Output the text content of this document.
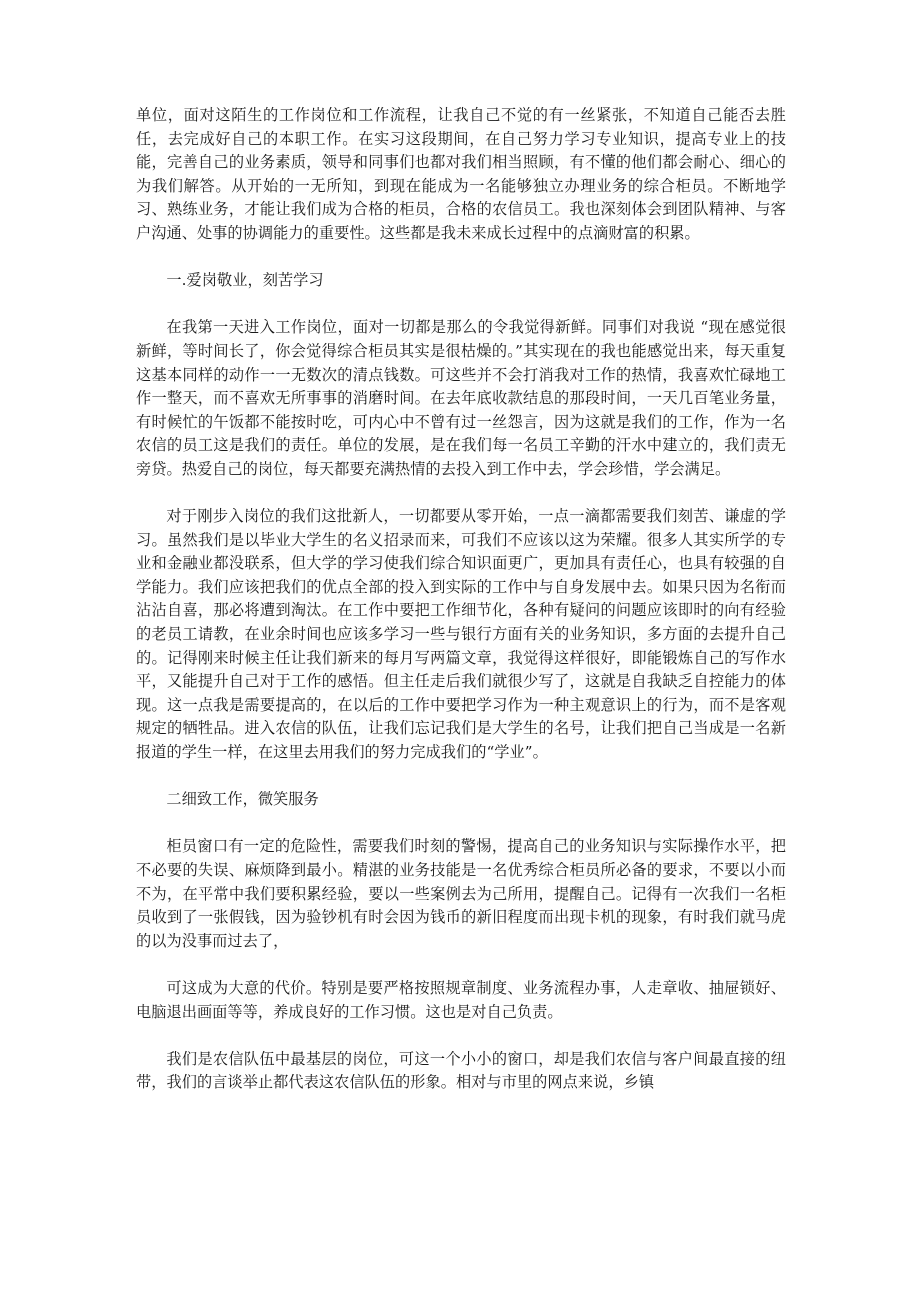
单位，面对这陌生的工作岗位和工作流程，让我自己不觉的有一丝紧张，不知道自己能否去胜任，去完成好自己的本职工作。在实习这段期间，在自己努力学习专业知识，提高专业上的技能，完善自己的业务素质，领导和同事们也都对我们相当照顾，有不懂的他们都会耐心、细心的为我们解答。从开始的一无所知，到现在能成为一名能够独立办理业务的综合柜员。不断地学习、熟练业务，才能让我们成为合格的柜员，合格的农信员工。我也深刻体会到团队精神、与客户沟通、处事的协调能力的重要性。这些都是我未来成长过程中的点滴财富的积累。

一.爱岗敬业，刻苦学习

在我第一天进入工作岗位，面对一切都是那么的令我觉得新鲜。同事们对我说 “现在感觉很新鲜，等时间长了，你会觉得综合柜员其实是很枯燥的。”其实现在的我也能感觉出来，每天重复这基本同样的动作一一无数次的清点钱数。可这些并不会打消我对工作的热情，我喜欢忙碌地工作一整天，而不喜欢无所事事的消磨时间。在去年底收款结息的那段时间，一天几百笔业务量，有时候忙的午饭都不能按时吃，可内心中不曾有过一丝怨言，因为这就是我们的工作，作为一名农信的员工这是我们的责任。单位的发展，是在我们每一名员工辛勤的汗水中建立的，我们责无旁贷。热爱自己的岗位，每天都要充满热情的去投入到工作中去，学会珍惜，学会满足。

对于刚步入岗位的我们这批新人，一切都要从零开始，一点一滴都需要我们刻苦、谦虚的学习。虽然我们是以毕业大学生的名义招录而来，可我们不应该以这为荣耀。很多人其实所学的专业和金融业都没联系，但大学的学习使我们综合知识面更广，更加具有责任心，也具有较强的自学能力。我们应该把我们的优点全部的投入到实际的工作中与自身发展中去。如果只因为名衔而沾沾自喜，那必将遭到淘汰。在工作中要把工作细节化，各种有疑问的问题应该即时的向有经验的老员工请教，在业余时间也应该多学习一些与银行方面有关的业务知识，多方面的去提升自己的。记得刚来时候主任让我们新来的每月写两篇文章，我觉得这样很好，即能锻炼自己的写作水平，又能提升自己对于工作的感悟。但主任走后我们就很少写了，这就是自我缺乏自控能力的体现。这一点我是需要提高的，在以后的工作中要把学习作为一种主观意识上的行为，而不是客观规定的牺牲品。进入农信的队伍，让我们忘记我们是大学生的名号，让我们把自己当成是一名新报道的学生一样，在这里去用我们的努力完成我们的“学业”。

二细致工作，微笑服务

柜员窗口有一定的危险性，需要我们时刻的警惕，提高自己的业务知识与实际操作水平，把不必要的失误、麻烦降到最小。精湛的业务技能是一名优秀综合柜员所必备的要求，不要以小而不为，在平常中我们要积累经验，要以一些案例去为己所用，提醒自己。记得有一次我们一名柜员收到了一张假钱，因为验钞机有时会因为钱币的新旧程度而出现卡机的现象，有时我们就马虎的以为没事而过去了，

可这成为大意的代价。特别是要严格按照规章制度、业务流程办事，人走章收、抽屉锁好、电脑退出画面等等，养成良好的工作习惯。这也是对自己负责。

我们是农信队伍中最基层的岗位，可这一个小小的窗口，却是我们农信与客户间最直接的纽带，我们的言谈举止都代表这农信队伍的形象。相对与市里的网点来说，乡镇
